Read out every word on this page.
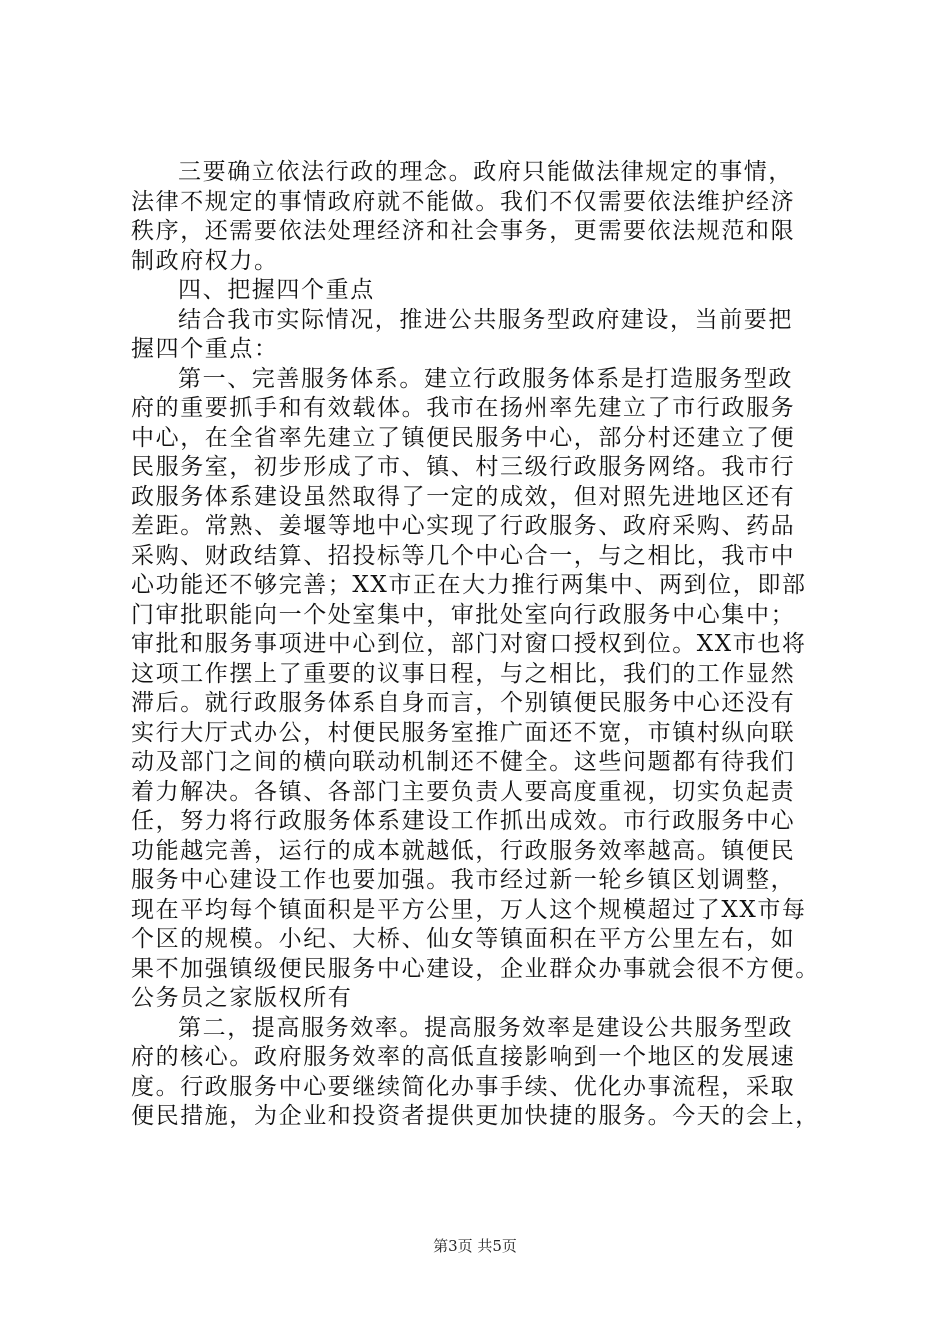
三要确立依法行政的理念。政府只能做法律规定的事情，
法律不规定的事情政府就不能做。我们不仅需要依法维护经济
秩序，还需要依法处理经济和社会事务，更需要依法规范和限
制政府权力。
四、把握四个重点
结合我市实际情况，推进公共服务型政府建设，当前要把
握四个重点：
第一、完善服务体系。建立行政服务体系是打造服务型政
府的重要抓手和有效载体。我市在扬州率先建立了市行政服务
中心，在全省率先建立了镇便民服务中心，部分村还建立了便
民服务室，初步形成了市、镇、村三级行政服务网络。我市行
政服务体系建设虽然取得了一定的成效，但对照先进地区还有
差距。常熟、姜堰等地中心实现了行政服务、政府采购、药品
采购、财政结算、招投标等几个中心合一，与之相比，我市中
心功能还不够完善；XX市正在大力推行两集中、两到位，即部
门审批职能向一个处室集中，审批处室向行政服务中心集中；
审批和服务事项进中心到位，部门对窗口授权到位。XX市也将
这项工作摆上了重要的议事日程，与之相比，我们的工作显然
滞后。就行政服务体系自身而言，个别镇便民服务中心还没有
实行大厅式办公，村便民服务室推广面还不宽，市镇村纵向联
动及部门之间的横向联动机制还不健全。这些问题都有待我们
着力解决。各镇、各部门主要负责人要高度重视，切实负起责
任，努力将行政服务体系建设工作抓出成效。市行政服务中心
功能越完善，运行的成本就越低，行政服务效率越高。镇便民
服务中心建设工作也要加强。我市经过新一轮乡镇区划调整，
现在平均每个镇面积是平方公里，万人这个规模超过了XX市每
个区的规模。小纪、大桥、仙女等镇面积在平方公里左右，如
果不加强镇级便民服务中心建设，企业群众办事就会很不方便。
公务员之家版权所有
第二，提高服务效率。提高服务效率是建设公共服务型政
府的核心。政府服务效率的高低直接影响到一个地区的发展速
度。行政服务中心要继续简化办事手续、优化办事流程，采取
便民措施，为企业和投资者提供更加快捷的服务。今天的会上，
第3页 共5页
